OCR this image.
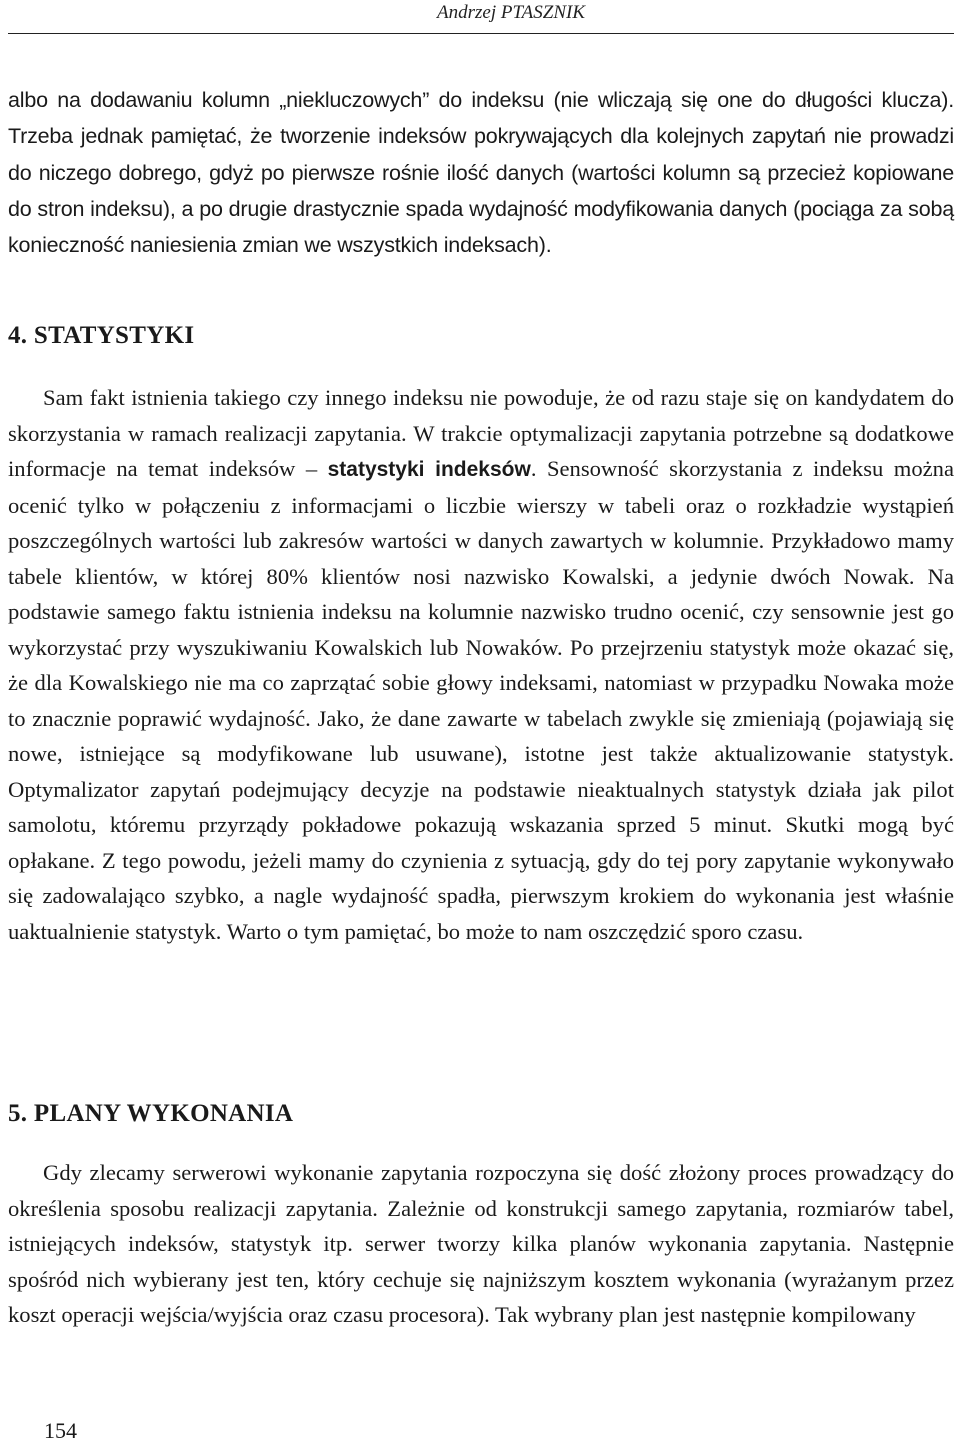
Andrzej PTASZNIK

albo na dodawaniu kolumn „niekluczowych” do indeksu (nie wliczają się one do długości klucza). Trzeba jednak pamiętać, że tworzenie indeksów pokrywających dla kolejnych zapytań nie prowadzi do niczego dobrego, gdyż po pierwsze rośnie ilość danych (wartości kolumn są przecież kopiowane do stron indeksu), a po drugie drastycznie spada wydajność modyfikowania danych (pociąga za sobą konieczność naniesienia zmian we wszystkich indeksach).

4. STATYSTYKI

Sam fakt istnienia takiego czy innego indeksu nie powoduje, że od razu staje się on kandydatem do skorzystania w ramach realizacji zapytania. W trakcie optymalizacji zapytania potrzebne są dodatkowe informacje na temat indeksów – statystyki indeksów. Sensowność skorzystania z indeksu można ocenić tylko w połączeniu z informacjami o liczbie wierszy w tabeli oraz o rozkładzie wystąpień poszczególnych wartości lub zakresów wartości w danych zawartych w kolumnie. Przykładowo mamy tabele klientów, w której 80% klientów nosi nazwisko Kowalski, a jedynie dwóch Nowak. Na podstawie samego faktu istnienia indeksu na kolumnie nazwisko trudno ocenić, czy sensownie jest go wykorzystać przy wyszukiwaniu Kowalskich lub Nowaków. Po przejrzeniu statystyk może okazać się, że dla Kowalskiego nie ma co zaprzątać sobie głowy indeksami, natomiast w przypadku Nowaka może to znacznie poprawić wydajność. Jako, że dane zawarte w tabelach zwykle się zmieniają (pojawiają się nowe, istniejące są modyfikowane lub usuwane), istotne jest także aktualizowanie statystyk. Optymalizator zapytań podejmujący decyzje na podstawie nieaktualnych statystyk działa jak pilot samolotu, któremu przyrządy pokładowe pokazują wskazania sprzed 5 minut. Skutki mogą być opłakane. Z tego powodu, jeżeli mamy do czynienia z sytuacją, gdy do tej pory zapytanie wykonywało się zadowalająco szybko, a nagle wydajność spadła, pierwszym krokiem do wykonania jest właśnie uaktualnienie statystyk. Warto o tym pamiętać, bo może to nam oszczędzić sporo czasu.

5. PLANY WYKONANIA

Gdy zlecamy serwerowi wykonanie zapytania rozpoczyna się dość złożony proces prowadzący do określenia sposobu realizacji zapytania. Zależnie od konstrukcji samego zapytania, rozmiarów tabel, istniejących indeksów, statystyk itp. serwer tworzy kilka planów wykonania zapytania. Następnie spośród nich wybierany jest ten, który cechuje się najniższym kosztem wykonania (wyrażanym przez koszt operacji wejścia/wyjścia oraz czasu procesora). Tak wybrany plan jest następnie kompilowany

154
